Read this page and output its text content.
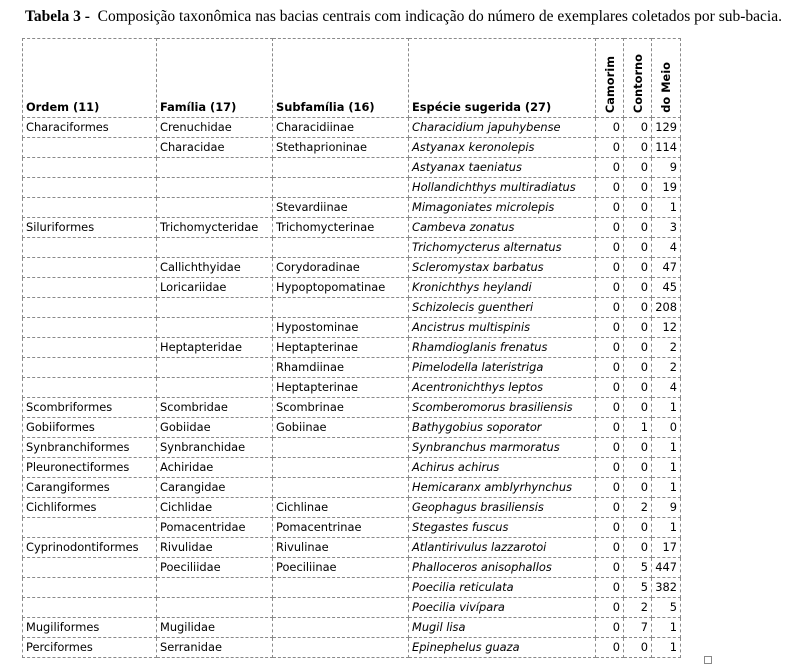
Tabela 3 - Composição taxonômica nas bacias centrais com indicação do número de exemplares coletados por sub-bacia.
Ordem (11)	Família (17)	Subfamília (16)	Espécie sugerida (27)	Camorim	Contorno	do Meio
Characiformes	Crenuchidae	Characidiinae	Characidium japuhybense	0	0	129
	Characidae	Stethaprioninae	Astyanax keronolepis	0	0	114
			Astyanax taeniatus	0	0	9
			Hollandichthys multiradiatus	0	0	19
		Stevardiinae	Mimagoniates microlepis	0	0	1
Siluriformes	Trichomycteridae	Trichomycterinae	Cambeva zonatus	0	0	3
			Trichomycterus alternatus	0	0	4
	Callichthyidae	Corydoradinae	Scleromystax barbatus	0	0	47
	Loricariidae	Hypoptopomatinae	Kronichthys heylandi	0	0	45
			Schizolecis guentheri	0	0	208
		Hypostominae	Ancistrus multispinis	0	0	12
	Heptapteridae	Heptapterinae	Rhamdioglanis frenatus	0	0	2
		Rhamdiinae	Pimelodella lateristriga	0	0	2
		Heptapterinae	Acentronichthys leptos	0	0	4
Scombriformes	Scombridae	Scombrinae	Scomberomorus brasiliensis	0	0	1
Gobiiformes	Gobiidae	Gobiinae	Bathygobius soporator	0	1	0
Synbranchiformes	Synbranchidae		Synbranchus marmoratus	0	0	1
Pleuronectiformes	Achiridae		Achirus achirus	0	0	1
Carangiformes	Carangidae		Hemicaranx amblyrhynchus	0	0	1
Cichliformes	Cichlidae	Cichlinae	Geophagus brasiliensis	0	2	9
	Pomacentridae	Pomacentrinae	Stegastes fuscus	0	0	1
Cyprinodontiformes	Rivulidae	Rivulinae	Atlantirivulus lazzarotoi	0	0	17
	Poeciliidae	Poeciliinae	Phalloceros anisophallos	0	5	447
			Poecilia reticulata	0	5	382
			Poecilia vivípara	0	2	5
Mugiliformes	Mugilidae		Mugil lisa	0	7	1
Perciformes	Serranidae		Epinephelus guaza	0	0	1
